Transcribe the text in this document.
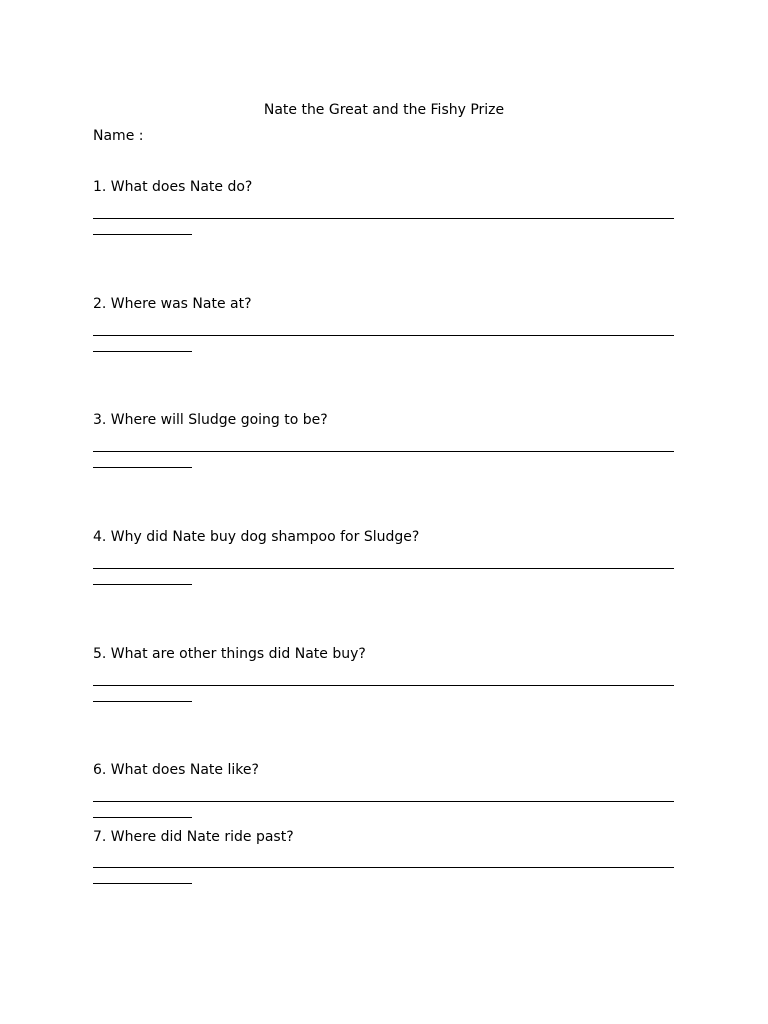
Nate the Great and the Fishy Prize
Name :
1. What does Nate do?
2. Where was Nate at?
3. Where will Sludge going to be?
4. Why did Nate buy dog shampoo for Sludge?
5. What are other things did Nate buy?
6. What does Nate like?
7. Where did Nate ride past?
